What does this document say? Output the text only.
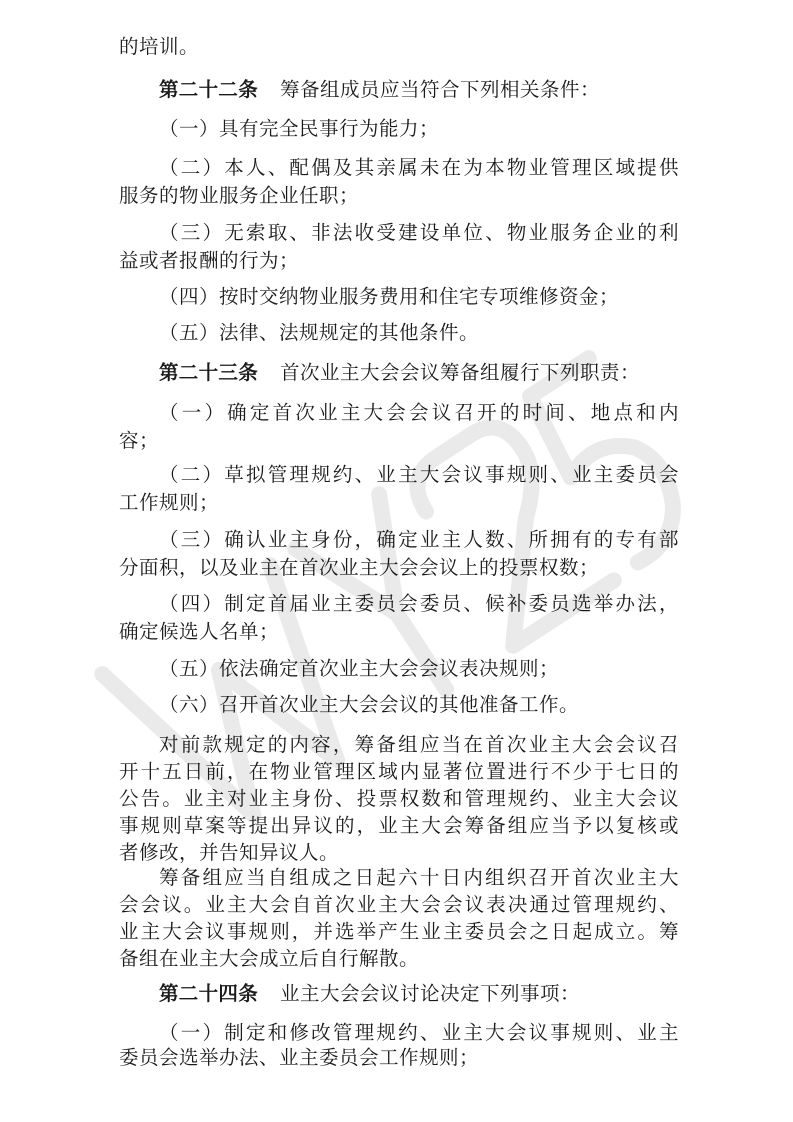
的培训。
第二十二条 筹备组成员应当符合下列相关条件：
（一）具有完全民事行为能力；
（二）本人、配偶及其亲属未在为本物业管理区域提供
服务的物业服务企业任职；
（三）无索取、非法收受建设单位、物业服务企业的利
益或者报酬的行为；
（四）按时交纳物业服务费用和住宅专项维修资金；
（五）法律、法规规定的其他条件。
第二十三条 首次业主大会会议筹备组履行下列职责：
（一）确定首次业主大会会议召开的时间、地点和内
容；
（二）草拟管理规约、业主大会议事规则、业主委员会
工作规则；
（三）确认业主身份，确定业主人数、所拥有的专有部
分面积，以及业主在首次业主大会会议上的投票权数；
（四）制定首届业主委员会委员、候补委员选举办法，
确定候选人名单；
（五）依法确定首次业主大会会议表决规则；
（六）召开首次业主大会会议的其他准备工作。
对前款规定的内容，筹备组应当在首次业主大会会议召
开十五日前，在物业管理区域内显著位置进行不少于七日的
公告。业主对业主身份、投票权数和管理规约、业主大会议
事规则草案等提出异议的，业主大会筹备组应当予以复核或
者修改，并告知异议人。
筹备组应当自组成之日起六十日内组织召开首次业主大
会会议。业主大会自首次业主大会会议表决通过管理规约、
业主大会议事规则，并选举产生业主委员会之日起成立。筹
备组在业主大会成立后自行解散。
第二十四条 业主大会会议讨论决定下列事项：
（一）制定和修改管理规约、业主大会议事规则、业主
委员会选举办法、业主委员会工作规则；
